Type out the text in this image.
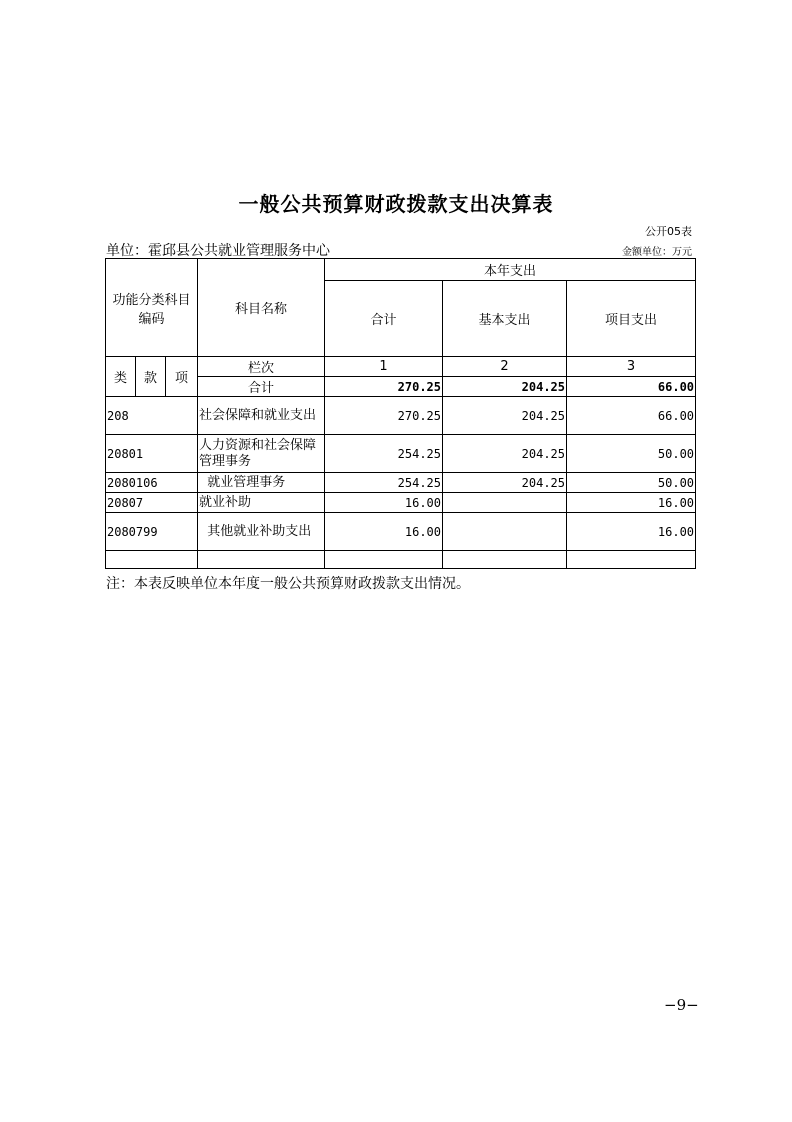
一般公共预算财政拨款支出决算表
公开05表
单位：霍邱县公共就业管理服务中心	金额单位：万元
功能分类科目编码			科目名称	本年支出		
				合计	基本支出	项目支出
类	款	项	栏次	1	2	3
			合计	270.25	204.25	66.00
208			社会保障和就业支出	270.25	204.25	66.00
20801			人力资源和社会保障管理事务	254.25	204.25	50.00
2080106			就业管理事务	254.25	204.25	50.00
20807			就业补助	16.00		16.00
2080799			其他就业补助支出	16.00		16.00

注：本表反映单位本年度一般公共预算财政拨款支出情况。
−9−
